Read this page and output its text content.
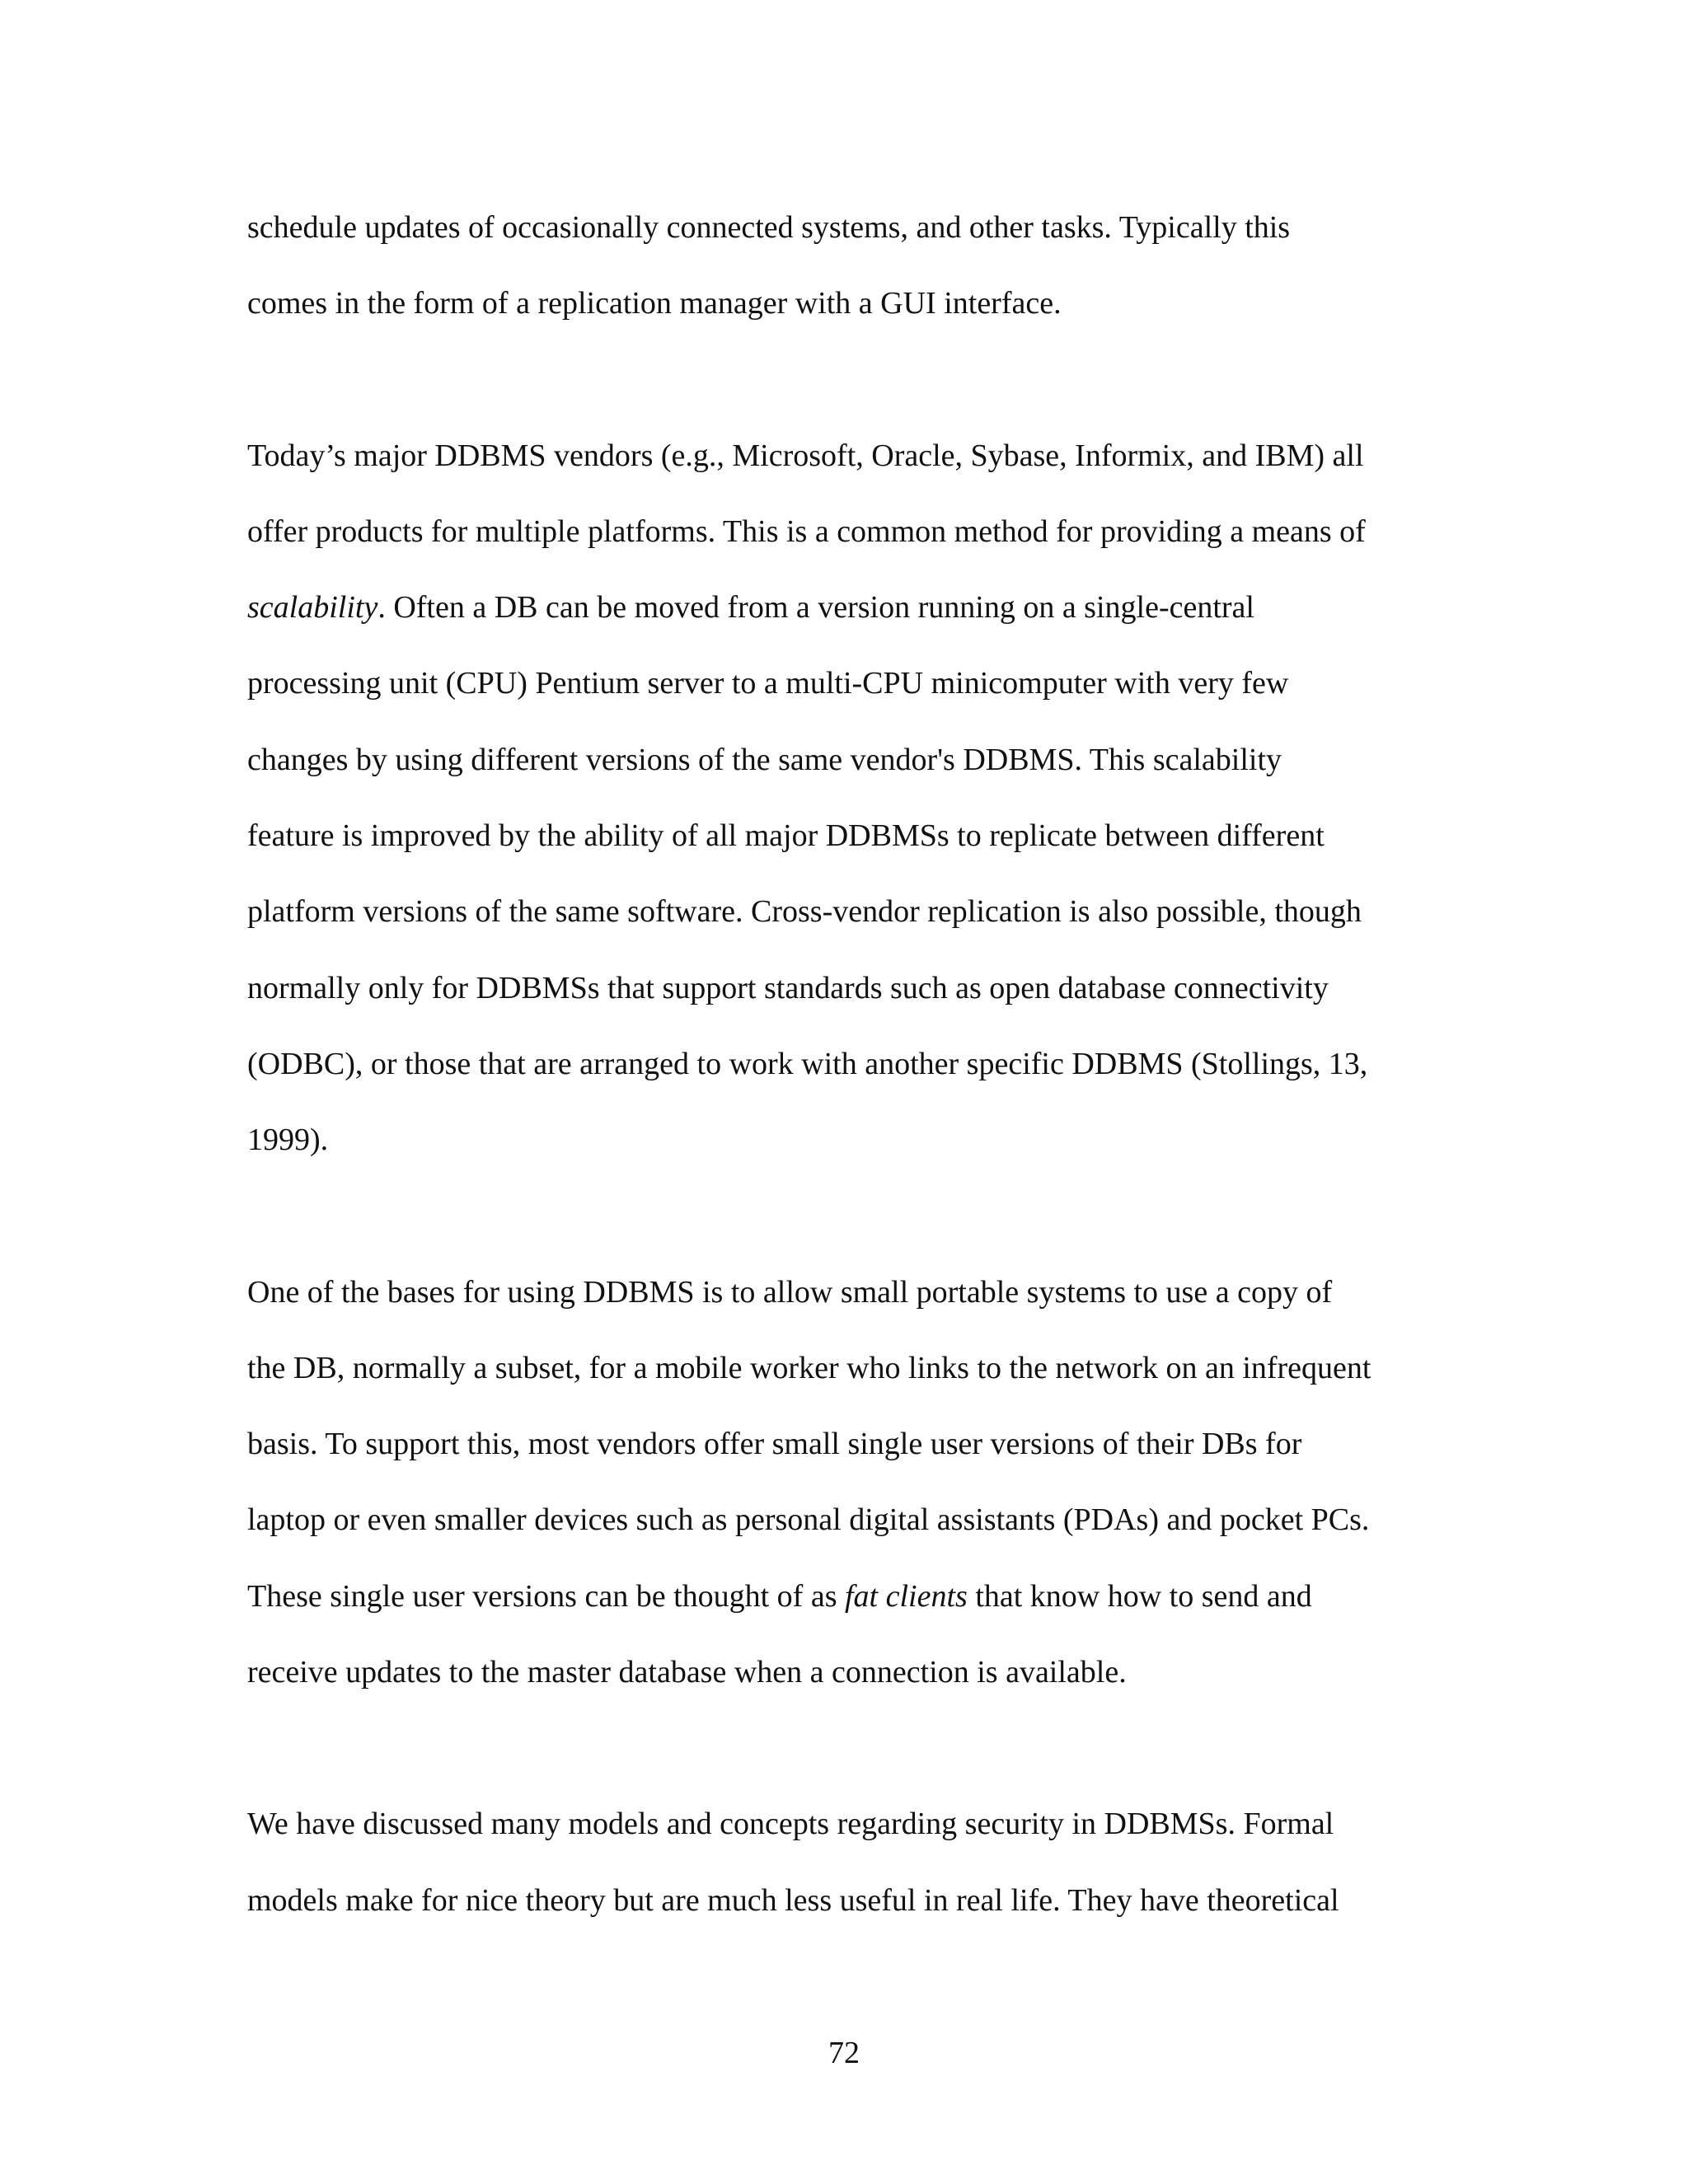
schedule updates of occasionally connected systems, and other tasks. Typically this
comes in the form of a replication manager with a GUI interface.

Today’s major DDBMS vendors (e.g., Microsoft, Oracle, Sybase, Informix, and IBM) all
offer products for multiple platforms. This is a common method for providing a means of
scalability. Often a DB can be moved from a version running on a single-central
processing unit (CPU) Pentium server to a multi-CPU minicomputer with very few
changes by using different versions of the same vendor's DDBMS. This scalability
feature is improved by the ability of all major DDBMSs to replicate between different
platform versions of the same software. Cross-vendor replication is also possible, though
normally only for DDBMSs that support standards such as open database connectivity
(ODBC), or those that are arranged to work with another specific DDBMS (Stollings, 13,
1999).

One of the bases for using DDBMS is to allow small portable systems to use a copy of
the DB, normally a subset, for a mobile worker who links to the network on an infrequent
basis. To support this, most vendors offer small single user versions of their DBs for
laptop or even smaller devices such as personal digital assistants (PDAs) and pocket PCs.
These single user versions can be thought of as fat clients that know how to send and
receive updates to the master database when a connection is available.

We have discussed many models and concepts regarding security in DDBMSs. Formal
models make for nice theory but are much less useful in real life. They have theoretical

72
